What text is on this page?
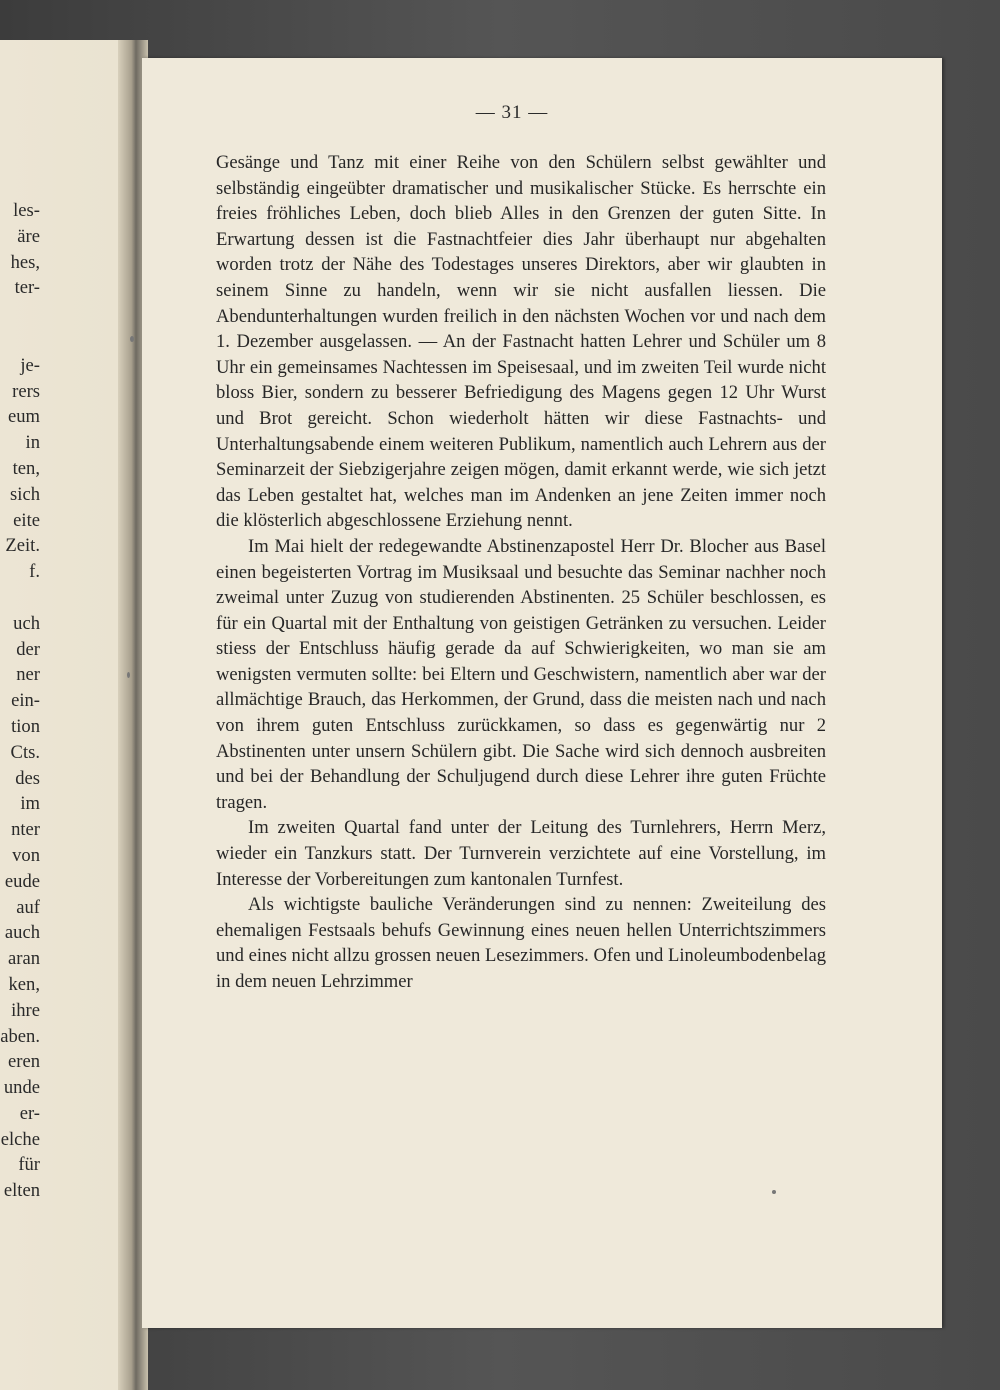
les-
äre
hes,
ter-
je-
rers
eum
in
ten,
sich
eite
Zeit.
f.
uch
der
ner
ein-
tion
Cts.
des
im
nter
von
eude
auf
auch
aran
ken,
ihre
aben.
eren
unde
er-
elche
für
elten
— 31 —

Gesänge und Tanz mit einer Reihe von den Schülern selbst gewählter und selbständig eingeübter dramatischer und musikalischer Stücke. Es herrschte ein freies fröhliches Leben, doch blieb Alles in den Grenzen der guten Sitte. In Erwartung dessen ist die Fastnachtfeier dies Jahr überhaupt nur abgehalten worden trotz der Nähe des Todestages unseres Direktors, aber wir glaubten in seinem Sinne zu handeln, wenn wir sie nicht ausfallen liessen. Die Abendunterhaltungen wurden freilich in den nächsten Wochen vor und nach dem 1. Dezember ausgelassen. — An der Fastnacht hatten Lehrer und Schüler um 8 Uhr ein gemeinsames Nachtessen im Speisesaal, und im zweiten Teil wurde nicht bloss Bier, sondern zu besserer Befriedigung des Magens gegen 12 Uhr Wurst und Brot gereicht. Schon wiederholt hätten wir diese Fastnachts- und Unterhaltungsabende einem weiteren Publikum, namentlich auch Lehrern aus der Seminarzeit der Siebzigerjahre zeigen mögen, damit erkannt werde, wie sich jetzt das Leben gestaltet hat, welches man im Andenken an jene Zeiten immer noch die klösterlich abgeschlossene Erziehung nennt.

Im Mai hielt der redegewandte Abstinenzapostel Herr Dr. Blocher aus Basel einen begeisterten Vortrag im Musiksaal und besuchte das Seminar nachher noch zweimal unter Zuzug von studierenden Abstinenten. 25 Schüler beschlossen, es für ein Quartal mit der Enthaltung von geistigen Getränken zu versuchen. Leider stiess der Entschluss häufig gerade da auf Schwierigkeiten, wo man sie am wenigsten vermuten sollte: bei Eltern und Geschwistern, namentlich aber war der allmächtige Brauch, das Herkommen, der Grund, dass die meisten nach und nach von ihrem guten Entschluss zurückkamen, so dass es gegenwärtig nur 2 Abstinenten unter unsern Schülern gibt. Die Sache wird sich dennoch ausbreiten und bei der Behandlung der Schuljugend durch diese Lehrer ihre guten Früchte tragen.

Im zweiten Quartal fand unter der Leitung des Turnlehrers, Herrn Merz, wieder ein Tanzkurs statt. Der Turnverein verzichtete auf eine Vorstellung, im Interesse der Vorbereitungen zum kantonalen Turnfest.

Als wichtigste bauliche Veränderungen sind zu nennen: Zweiteilung des ehemaligen Festsaals behufs Gewinnung eines neuen hellen Unterrichtszimmers und eines nicht allzu grossen neuen Lesezimmers. Ofen und Linoleumbodenbelag in dem neuen Lehrzimmer
